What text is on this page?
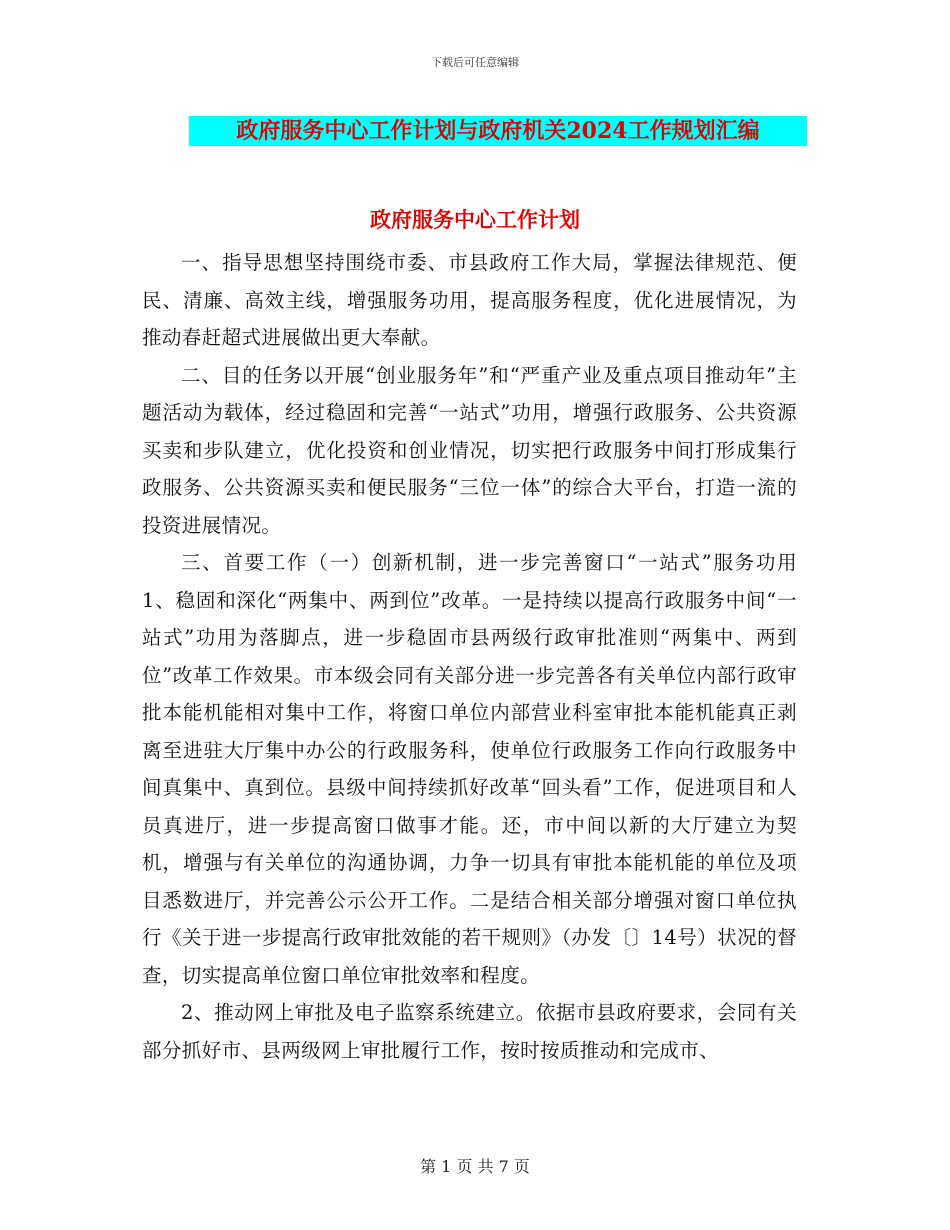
下载后可任意编辑
政府服务中心工作计划与政府机关2024工作规划汇编
政府服务中心工作计划

一、指导思想坚持围绕市委、市县政府工作大局，掌握法律规范、便民、清廉、高效主线，增强服务功用，提高服务程度，优化进展情况，为推动春赶超式进展做出更大奉献。

二、目的任务以开展“创业服务年”和“严重产业及重点项目推动年”主题活动为载体，经过稳固和完善“一站式”功用，增强行政服务、公共资源买卖和步队建立，优化投资和创业情况，切实把行政服务中间打形成集行政服务、公共资源买卖和便民服务“三位一体”的综合大平台，打造一流的投资进展情况。

三、首要工作（一）创新机制，进一步完善窗口“一站式”服务功用 1、稳固和深化“两集中、两到位”改革。一是持续以提高行政服务中间“一站式”功用为落脚点，进一步稳固市县两级行政审批准则“两集中、两到位”改革工作效果。市本级会同有关部分进一步完善各有关单位内部行政审批本能机能相对集中工作，将窗口单位内部营业科室审批本能机能真正剥离至进驻大厅集中办公的行政服务科，使单位行政服务工作向行政服务中间真集中、真到位。县级中间持续抓好改革“回头看”工作，促进项目和人员真进厅，进一步提高窗口做事才能。还，市中间以新的大厅建立为契机，增强与有关单位的沟通协调，力争一切具有审批本能机能的单位及项目悉数进厅，并完善公示公开工作。二是结合相关部分增强对窗口单位执行《关于进一步提高行政审批效能的若干规则》（办发〔〕14号）状况的督查，切实提高单位窗口单位审批效率和程度。

2、推动网上审批及电子监察系统建立。依据市县政府要求，会同有关部分抓好市、县两级网上审批履行工作，按时按质推动和完成市、

第 1 页 共 7 页
